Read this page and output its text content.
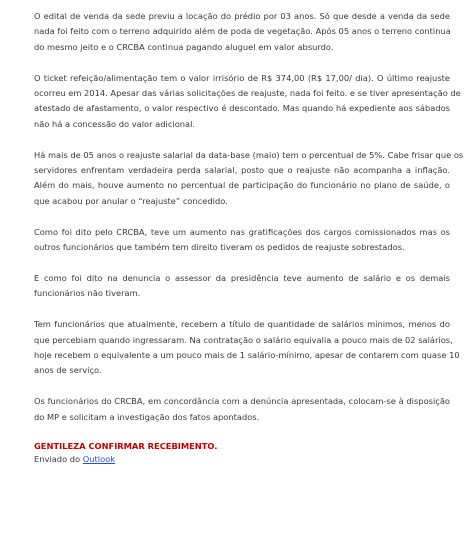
O edital de venda da sede previu a locação do prédio por 03 anos. Só que desde a venda da sede
nada foi feito com o terreno adquirido além de poda de vegetação. Após 05 anos o terreno continua
do mesmo jeito e o CRCBA continua pagando aluguel em valor absurdo.
O ticket refeição/alimentação tem o valor irrisório de R$ 374,00 (R$ 17,00/ dia). O último reajuste
ocorreu em 2014. Apesar das várias solicitações de reajuste, nada foi feito. e se tiver apresentação de
atestado de afastamento, o valor respectivo é descontado. Mas quando há expediente aos sábados
não há a concessão do valor adicional.
Há mais de 05 anos o reajuste salarial da data-base (maio) tem o percentual de 5%. Cabe frisar que os
servidores enfrentam verdadeira perda salarial, posto que o reajuste não acompanha a inflação.
Além do mais, houve aumento no percentual de participação do funcionário no plano de saúde, o
que acabou por anular o “reajuste” concedido.
Como foi dito pelo CRCBA, teve um aumento nas gratificações dos cargos comissionados mas os
outros funcionários que também tem direito tiveram os pedidos de reajuste sobrestados.
E como foi dito na denuncia o assessor da presidência teve aumento de salário e os demais
funcionários não tiveram.
Tem funcionários que atualmente, recebem a título de quantidade de salários mínimos, menos do
que percebiam quando ingressaram. Na contratação o salário equivalia a pouco mais de 02 salários,
hoje recebem o equivalente a um pouco mais de 1 salário-mínimo, apesar de contarem com quase 10
anos de serviço.
Os funcionários do CRCBA, em concordância com a denúncia apresentada, colocam-se à disposição
do MP e solicitam a investigação dos fatos apontados.
GENTILEZA CONFIRMAR RECEBIMENTO.
Enviado do Outlook
